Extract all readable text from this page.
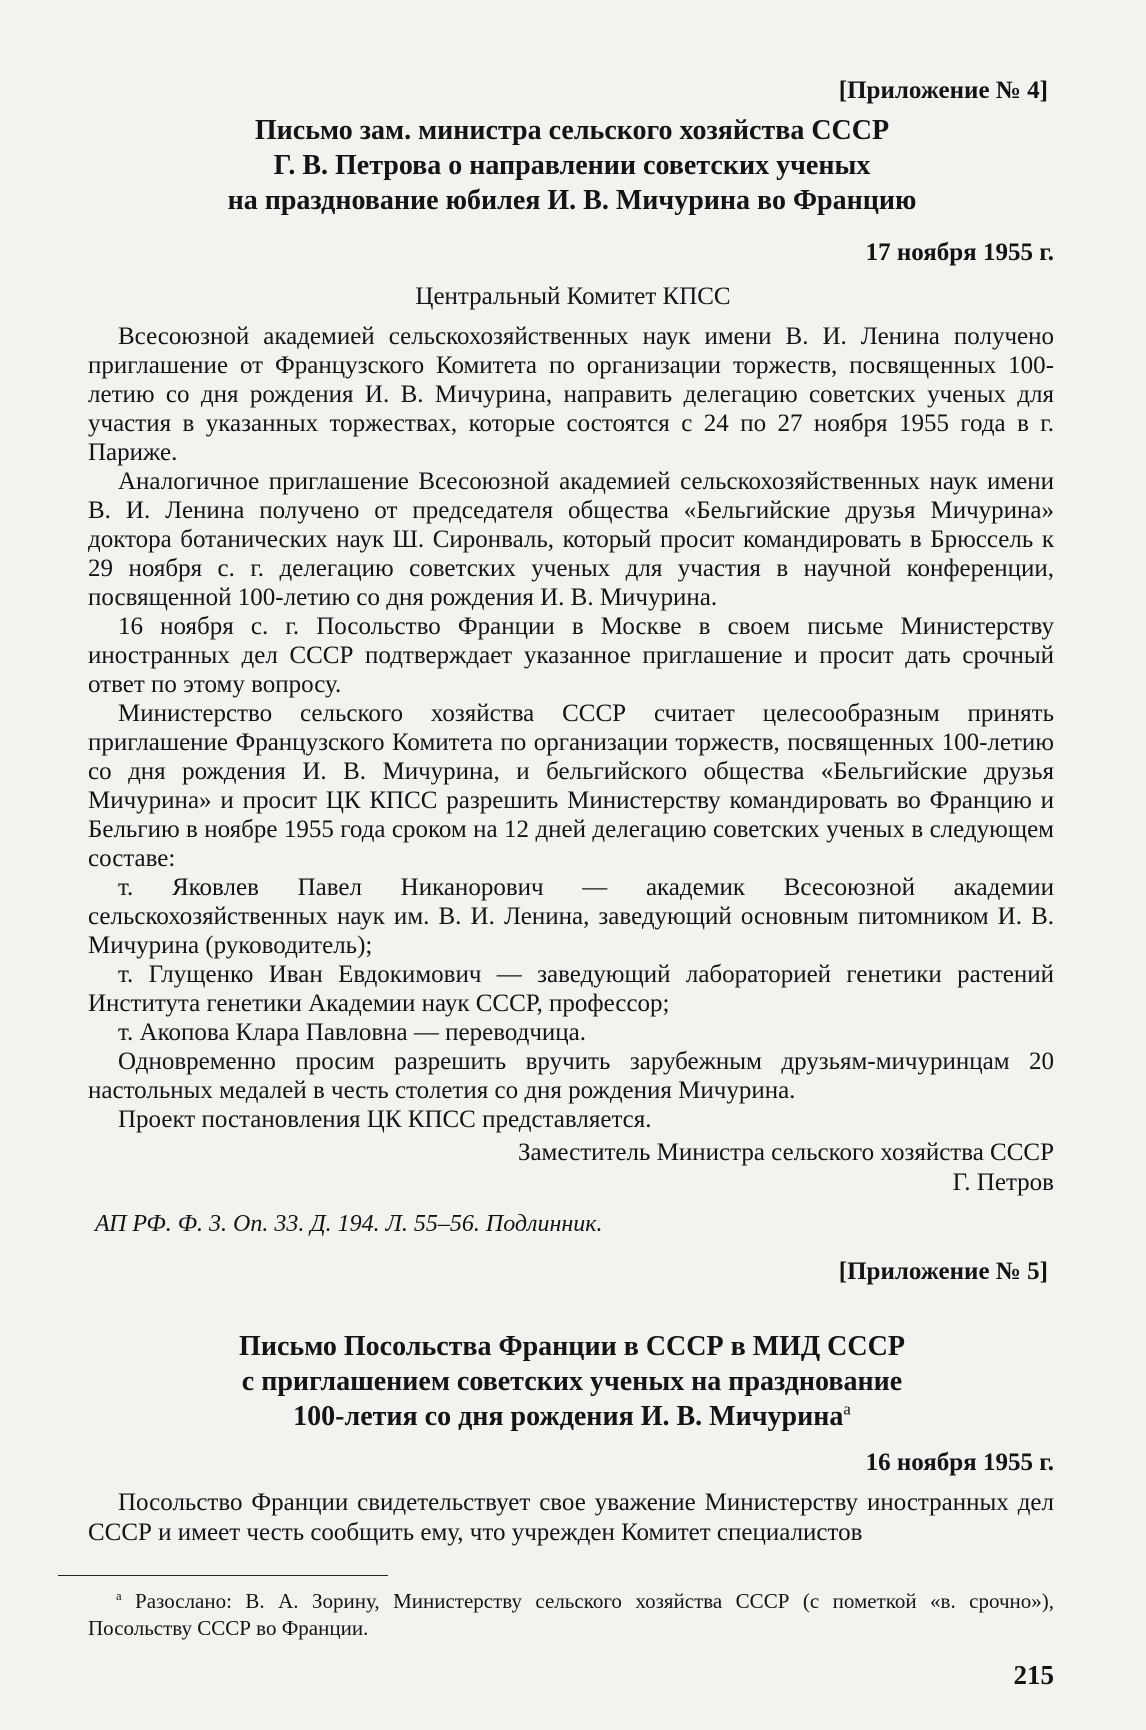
[Приложение № 4]
Письмо зам. министра сельского хозяйства СССР
Г. В. Петрова о направлении советских ученых
на празднование юбилея И. В. Мичурина во Францию
17 ноября 1955 г.
Центральный Комитет КПСС

Всесоюзной академией сельскохозяйственных наук имени В. И. Ленина получено приглашение от Французского Комитета по организации торжеств, посвященных 100-летию со дня рождения И. В. Мичурина, направить делегацию советских ученых для участия в указанных торжествах, которые состоятся с 24 по 27 ноября 1955 года в г. Париже.

Аналогичное приглашение Всесоюзной академией сельскохозяйственных наук имени В. И. Ленина получено от председателя общества «Бельгийские друзья Мичурина» доктора ботанических наук Ш. Сиронваль, который просит командировать в Брюссель к 29 ноября с. г. делегацию советских ученых для участия в научной конференции, посвященной 100-летию со дня рождения И. В. Мичурина.

16 ноября с. г. Посольство Франции в Москве в своем письме Министерству иностранных дел СССР подтверждает указанное приглашение и просит дать срочный ответ по этому вопросу.

Министерство сельского хозяйства СССР считает целесообразным принять приглашение Французского Комитета по организации торжеств, посвященных 100-летию со дня рождения И. В. Мичурина, и бельгийского общества «Бельгийские друзья Мичурина» и просит ЦК КПСС разрешить Министерству командировать во Францию и Бельгию в ноябре 1955 года сроком на 12 дней делегацию советских ученых в следующем составе:

т. Яковлев Павел Никанорович — академик Всесоюзной академии сельскохозяйственных наук им. В. И. Ленина, заведующий основным питомником И. В. Мичурина (руководитель);

т. Глущенко Иван Евдокимович — заведующий лабораторией генетики растений Института генетики Академии наук СССР, профессор;

т. Акопова Клара Павловна — переводчица.

Одновременно просим разрешить вручить зарубежным друзьям-мичуринцам 20 настольных медалей в честь столетия со дня рождения Мичурина.

Проект постановления ЦК КПСС представляется.

Заместитель Министра сельского хозяйства СССР
Г. Петров
АП РФ. Ф. 3. Оп. 33. Д. 194. Л. 55–56. Подлинник.
[Приложение № 5]
Письмо Посольства Франции в СССР в МИД СССР
с приглашением советских ученых на празднование
100-летия со дня рождения И. В. Мичурина$^а$
16 ноября 1955 г.
Посольство Франции свидетельствует свое уважение Министерству иностранных дел СССР и имеет честь сообщить ему, что учрежден Комитет специалистов
$^а$ Разослано: В. А. Зорину, Министерству сельского хозяйства СССР (с пометкой «в. срочно»), Посольству СССР во Франции.
215
